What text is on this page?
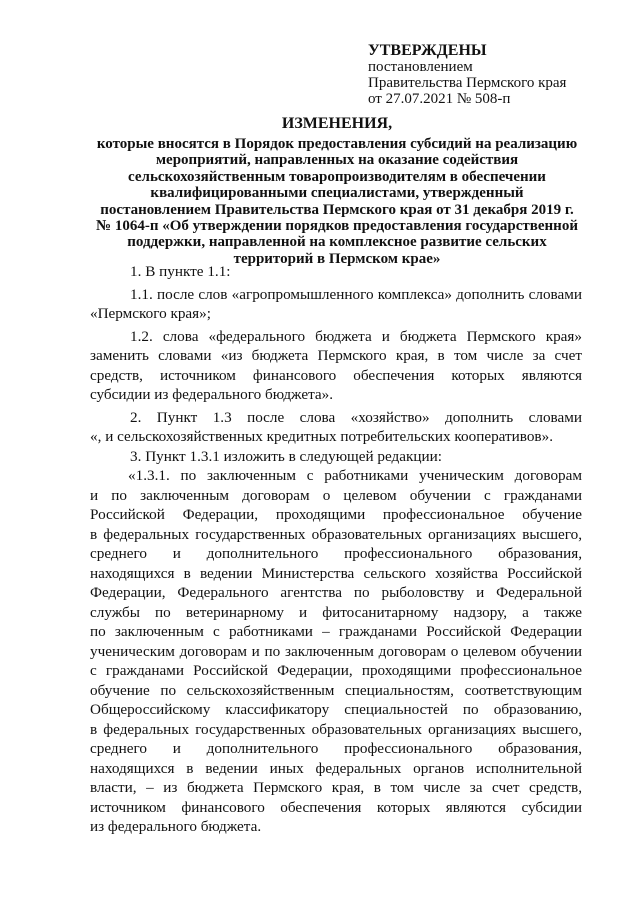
УТВЕРЖДЕНЫ
постановлением
Правительства Пермского края
от 27.07.2021 № 508-п
ИЗМЕНЕНИЯ,
которые вносятся в Порядок предоставления субсидий на реализацию
мероприятий, направленных на оказание содействия
сельскохозяйственным товаропроизводителям в обеспечении
квалифицированными специалистами, утвержденный
постановлением Правительства Пермского края от 31 декабря 2019 г.
№ 1064-п «Об утверждении порядков предоставления государственной
поддержки, направленной на комплексное развитие сельских
территорий в Пермском крае»
1. В пункте 1.1:
1.1. после слов «агропромышленного комплекса» дополнить словами
«Пермского края»;
1.2. слова «федерального бюджета и бюджета Пермского края»
заменить словами «из бюджета Пермского края, в том числе за счет
средств, источником финансового обеспечения которых являются
субсидии из федерального бюджета».
2. Пункт 1.3 после слова «хозяйство» дополнить словами
«, и сельскохозяйственных кредитных потребительских кооперативов».
3. Пункт 1.3.1 изложить в следующей редакции:
«1.3.1. по заключенным с работниками ученическим договорам
и по заключенным договорам о целевом обучении с гражданами
Российской Федерации, проходящими профессиональное обучение
в федеральных государственных образовательных организациях высшего,
среднего и дополнительного профессионального образования,
находящихся в ведении Министерства сельского хозяйства Российской
Федерации, Федерального агентства по рыболовству и Федеральной
службы по ветеринарному и фитосанитарному надзору, а также
по заключенным с работниками – гражданами Российской Федерации
ученическим договорам и по заключенным договорам о целевом обучении
с гражданами Российской Федерации, проходящими профессиональное
обучение по сельскохозяйственным специальностям, соответствующим
Общероссийскому классификатору специальностей по образованию,
в федеральных государственных образовательных организациях высшего,
среднего и дополнительного профессионального образования,
находящихся в ведении иных федеральных органов исполнительной
власти, – из бюджета Пермского края, в том числе за счет средств,
источником финансового обеспечения которых являются субсидии
из федерального бюджета.
